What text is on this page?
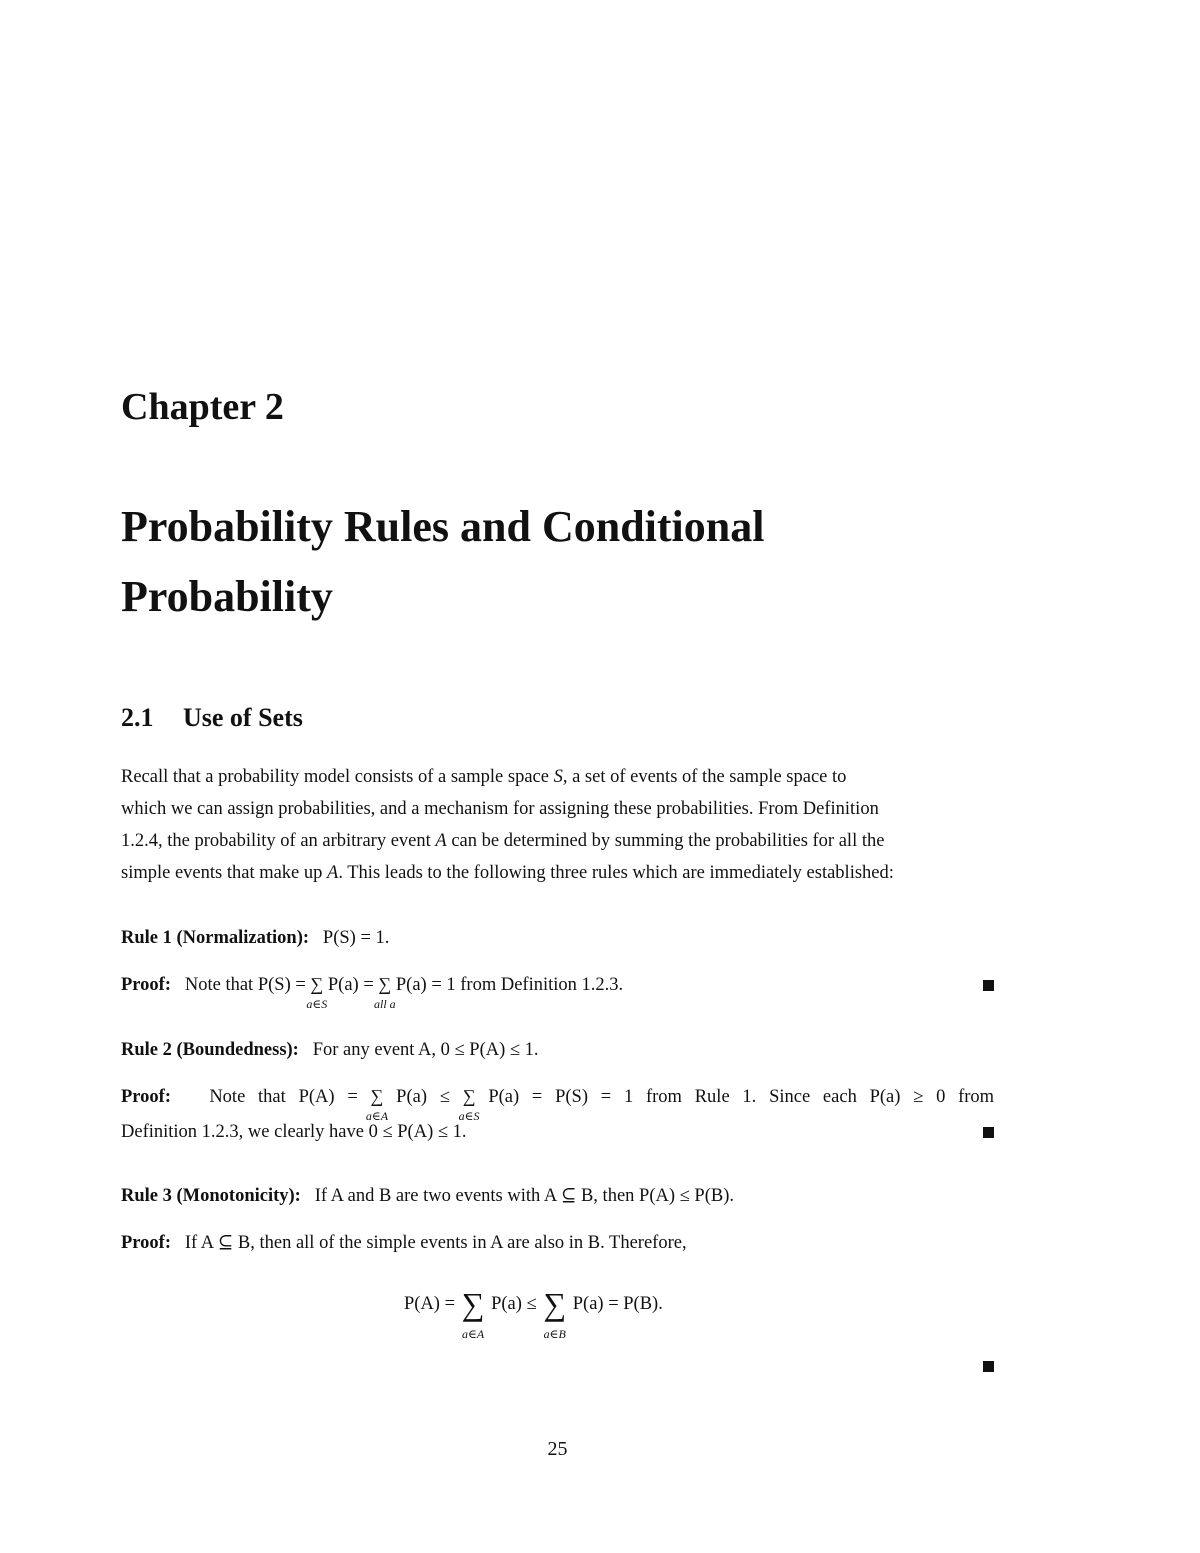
Chapter 2
Probability Rules and Conditional
Probability
2.1 Use of Sets
Recall that a probability model consists of a sample space S, a set of events of the sample space to
which we can assign probabilities, and a mechanism for assigning these probabilities. From Definition
1.2.4, the probability of an arbitrary event A can be determined by summing the probabilities for all the
simple events that make up A. This leads to the following three rules which are immediately established:
Rule 1 (Normalization): P(S) = 1.
Proof: Note that P(S) = ∑
a∈S
P(a) = ∑
all a
P(a) = 1 from Definition 1.2.3.
Rule 2 (Boundedness): For any event A, 0 ≤ P(A) ≤ 1.
Proof: Note that P(A) = ∑
a∈A
P(a) ≤ ∑
a∈S
P(a) = P(S) = 1 from Rule 1. Since each P(a) ≥ 0 from
Definition 1.2.3, we clearly have 0 ≤ P(A) ≤ 1.
Rule 3 (Monotonicity): If A and B are two events with A ⊆ B, then P(A) ≤ P(B).
Proof: If A ⊆ B, then all of the simple events in A are also in B. Therefore,
P(A) = ∑
a∈A
P(a) ≤ ∑
a∈B
P(a) = P(B).
25
